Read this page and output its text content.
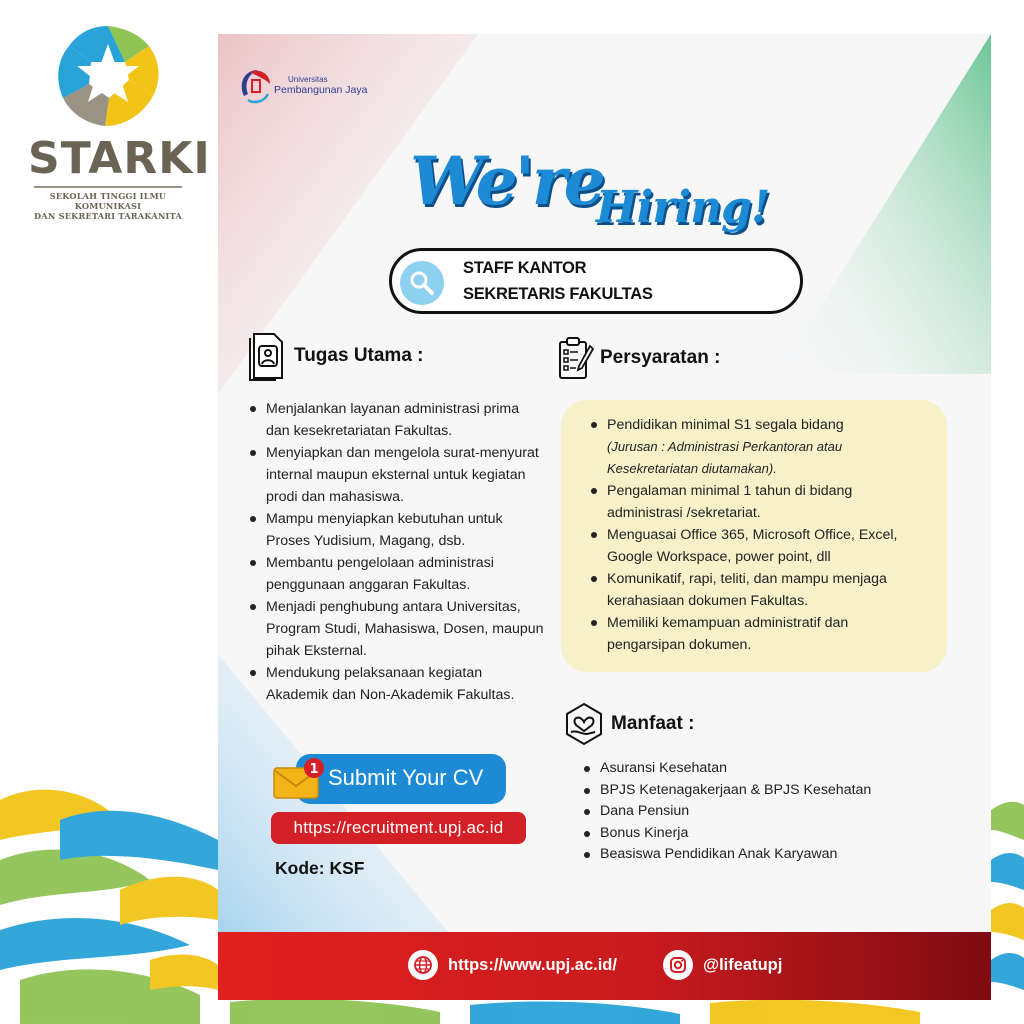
STARKI
SEKOLAH TINGGI ILMU KOMUNIKASI
DAN SEKRETARI TARAKANITA
Universitas
Pembangunan Jaya
We're
Hiring!
STAFF KANTOR
SEKRETARIS FAKULTAS
Tugas Utama :
Menjalankan layanan administrasi prima dan kesekretariatan Fakultas.
Menyiapkan dan mengelola surat-menyurat internal maupun eksternal untuk kegiatan prodi dan mahasiswa.
Mampu menyiapkan kebutuhan untuk Proses Yudisium, Magang, dsb.
Membantu pengelolaan administrasi penggunaan anggaran Fakultas.
Menjadi penghubung antara Universitas, Program Studi, Mahasiswa, Dosen, maupun pihak Eksternal.
Mendukung pelaksanaan kegiatan Akademik dan Non-Akademik Fakultas.
Persyaratan :
Pendidikan minimal S1 segala bidang
(Jurusan : Administrasi Perkantoran atau Kesekretariatan diutamakan).
Pengalaman minimal 1 tahun di bidang administrasi /sekretariat.
Menguasai Office 365, Microsoft Office, Excel, Google Workspace, power point, dll
Komunikatif, rapi, teliti, dan mampu menjaga kerahasiaan dokumen Fakultas.
Memiliki kemampuan administratif dan pengarsipan dokumen.
Manfaat :
Asuransi Kesehatan
BPJS Ketenagakerjaan & BPJS Kesehatan
Dana Pensiun
Bonus Kinerja
Beasiswa Pendidikan Anak Karyawan
Submit Your CV
1
https://recruitment.upj.ac.id
Kode: KSF
https://www.upj.ac.id/	@lifeatupj
